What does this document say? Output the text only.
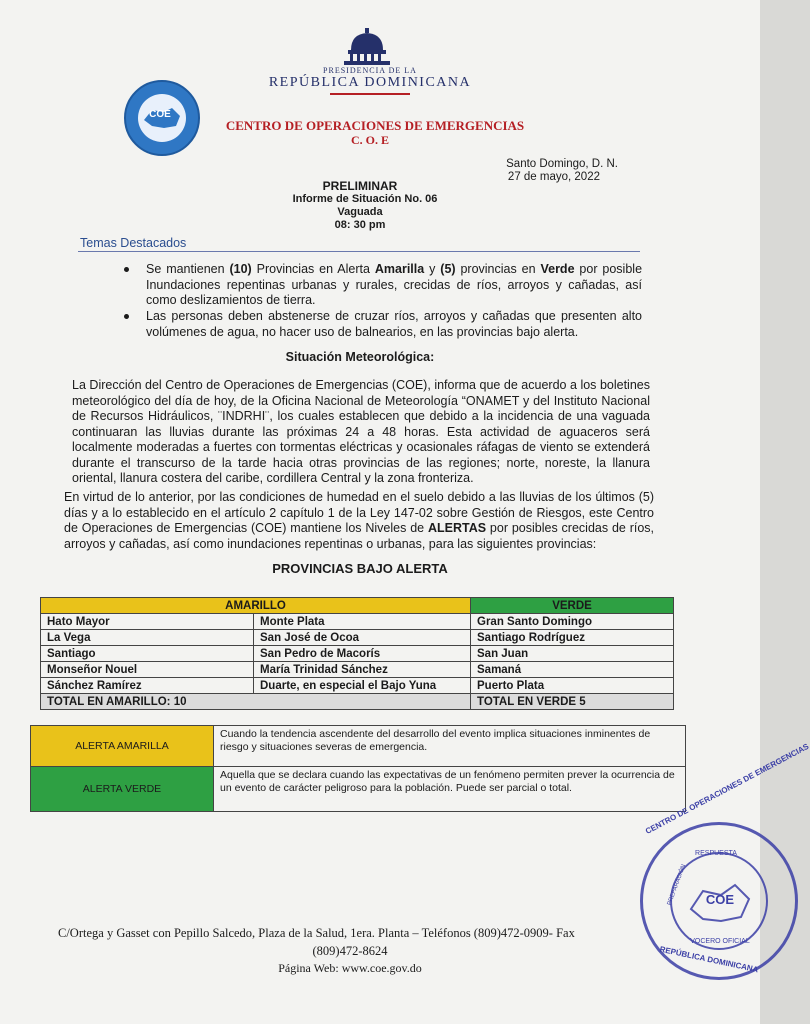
PRESIDENCIA DE LA
REPÚBLICA DOMINICANA
COE
CENTRO DE OPERACIONES DE EMERGENCIAS
C. O. E
Santo Domingo, D. N.
27 de mayo, 2022
PRELIMINAR
Informe de Situación No. 06
Vaguada
08: 30 pm
Temas Destacados
Se mantienen (10) Provincias en Alerta Amarilla y (5) provincias en Verde por posible Inundaciones repentinas urbanas y rurales, crecidas de ríos, arroyos y cañadas, así como deslizamientos de tierra.
Las personas deben abstenerse de cruzar ríos, arroyos y cañadas que presenten alto volúmenes de agua, no hacer uso de balnearios, en las provincias bajo alerta.
Situación Meteorológica:
La Dirección del Centro de Operaciones de Emergencias (COE), informa que de acuerdo a los boletines meteorológico del día de hoy, de la Oficina Nacional de Meteorología “ONAMET y del Instituto Nacional de Recursos Hidráulicos, ¨INDRHI¨, los cuales establecen que debido a la incidencia de una vaguada continuaran las lluvias durante las próximas 24 a 48 horas. Esta actividad de aguaceros será localmente moderadas a fuertes con tormentas eléctricas y ocasionales ráfagas de viento se extenderá durante el transcurso de la tarde hacia otras provincias de las regiones; norte, noreste, la llanura oriental, llanura costera del caribe, cordillera Central y la zona fronteriza.
En virtud de lo anterior, por las condiciones de humedad en el suelo debido a las lluvias de los últimos (5) días y a lo establecido en el artículo 2 capítulo 1 de la Ley 147-02 sobre Gestión de Riesgos, este Centro de Operaciones de Emergencias (COE) mantiene los Niveles de ALERTAS por posibles crecidas de ríos, arroyos y cañadas, así como inundaciones repentinas o urbanas, para las siguientes provincias:
PROVINCIAS BAJO ALERTA
AMARILLO		VERDE
Hato Mayor	Monte Plata	Gran Santo Domingo
La Vega	San José de Ocoa	Santiago Rodríguez
Santiago	San Pedro de Macorís	San Juan
Monseñor Nouel	María Trinidad Sánchez	Samaná
Sánchez Ramírez	Duarte, en especial el Bajo Yuna	Puerto Plata
TOTAL EN AMARILLO: 10		TOTAL EN VERDE 5
ALERTA AMARILLA	Cuando la tendencia ascendente del desarrollo del evento implica situaciones inminentes de riesgo y situaciones severas de emergencia.
ALERTA VERDE	Aquella que se declara cuando las expectativas de un fenómeno permiten prever la ocurrencia de un evento de carácter peligroso para la población. Puede ser parcial o total.
C/Ortega y Gasset con Pepillo Salcedo, Plaza de la Salud, 1era. Planta – Teléfonos (809)472-0909- Fax
(809)472-8624
Página Web: www.coe.gov.do
CENTRO DE OPERACIONES DE EMERGENCIAS
RESPUESTA
PREPARACIÓN	COE
VOCERO OFICIAL
REPÚBLICA DOMINICANA
